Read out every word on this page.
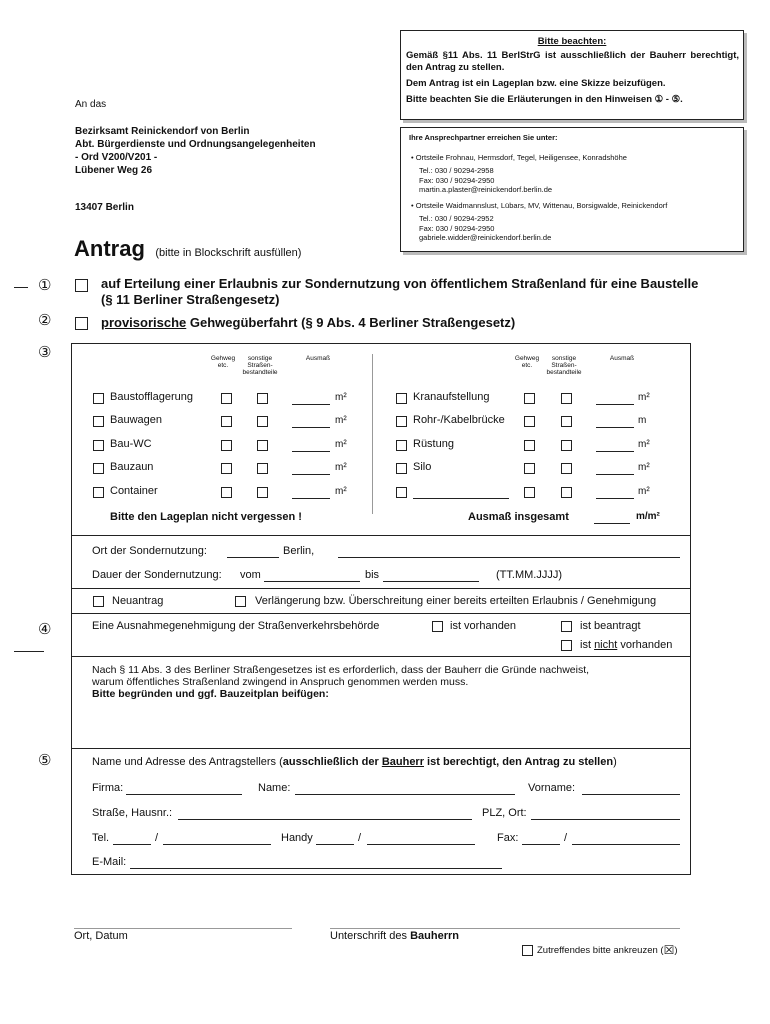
Bitte beachten:
Gemäß §11 Abs. 11 BerlStrG ist ausschließlich der Bauherr berechtigt, den Antrag zu stellen.
Dem Antrag ist ein Lageplan bzw. eine Skizze beizufügen.
Bitte beachten Sie die Erläuterungen in den Hinweisen ① - ⑤.
An das
Bezirksamt Reinickendorf von Berlin
Abt. Bürgerdienste und Ordnungsangelegenheiten
- Ord V200/V201 -
Lübener Weg 26
13407 Berlin
Ihre Ansprechpartner erreichen Sie unter:
• Ortsteile Frohnau, Hermsdorf, Tegel, Heiligensee, Konradshöhe
Tel.: 030 / 90294-2958
Fax: 030 / 90294-2950
martin.a.plaster@reinickendorf.berlin.de
• Ortsteile Waidmannslust, Lübars, MV, Wittenau, Borsigwalde, Reinickendorf
Tel.: 030 / 90294-2952
Fax: 030 / 90294-2950
gabriele.widder@reinickendorf.berlin.de
Antrag (bitte in Blockschrift ausfüllen)
①
②
③
④
⑤
auf Erteilung einer Erlaubnis zur Sondernutzung von öffentlichem Straßenland für eine Baustelle (§ 11 Berliner Straßengesetz)
provisorische Gehwegüberfahrt (§ 9 Abs. 4 Berliner Straßengesetz)
Gehweg etc.
sonstige Straßen-bestandteile
Ausmaß	Gehweg etc.
sonstige Straßen-bestandteile
Ausmaß
Baustofflagerung	m²
Bauwagen	m²
Bau-WC	m²
Bauzaun	m²
Container	m²
Kranaufstellung	m²
Rohr-/Kabelbrücke	m
Rüstung	m²
Silo	m²
m²
Bitte den Lageplan nicht vergessen !	Ausmaß insgesamt	m/m²
Ort der Sondernutzung:	Berlin,
Dauer der Sondernutzung: vom	bis	(TT.MM.JJJJ)
Neuantrag	Verlängerung bzw. Überschreitung einer bereits erteilten Erlaubnis / Genehmigung
Eine Ausnahmegenehmigung der Straßenverkehrsbehörde	ist vorhanden	ist beantragt
ist nicht vorhanden
Nach § 11 Abs. 3 des Berliner Straßengesetzes ist es erforderlich, dass der Bauherr die Gründe nachweist,
warum öffentliches Straßenland zwingend in Anspruch genommen werden muss.
Bitte begründen und ggf. Bauzeitplan beifügen:
Name und Adresse des Antragstellers (ausschließlich der Bauherr ist berechtigt, den Antrag zu stellen)
Firma:	Name:	Vorname:
Straße, Hausnr.:	PLZ, Ort:
Tel.	/	Handy	/	Fax:	/
E-Mail:
Ort, Datum	Unterschrift des Bauherrn
Zutreffendes bitte ankreuzen ( ☒ )
